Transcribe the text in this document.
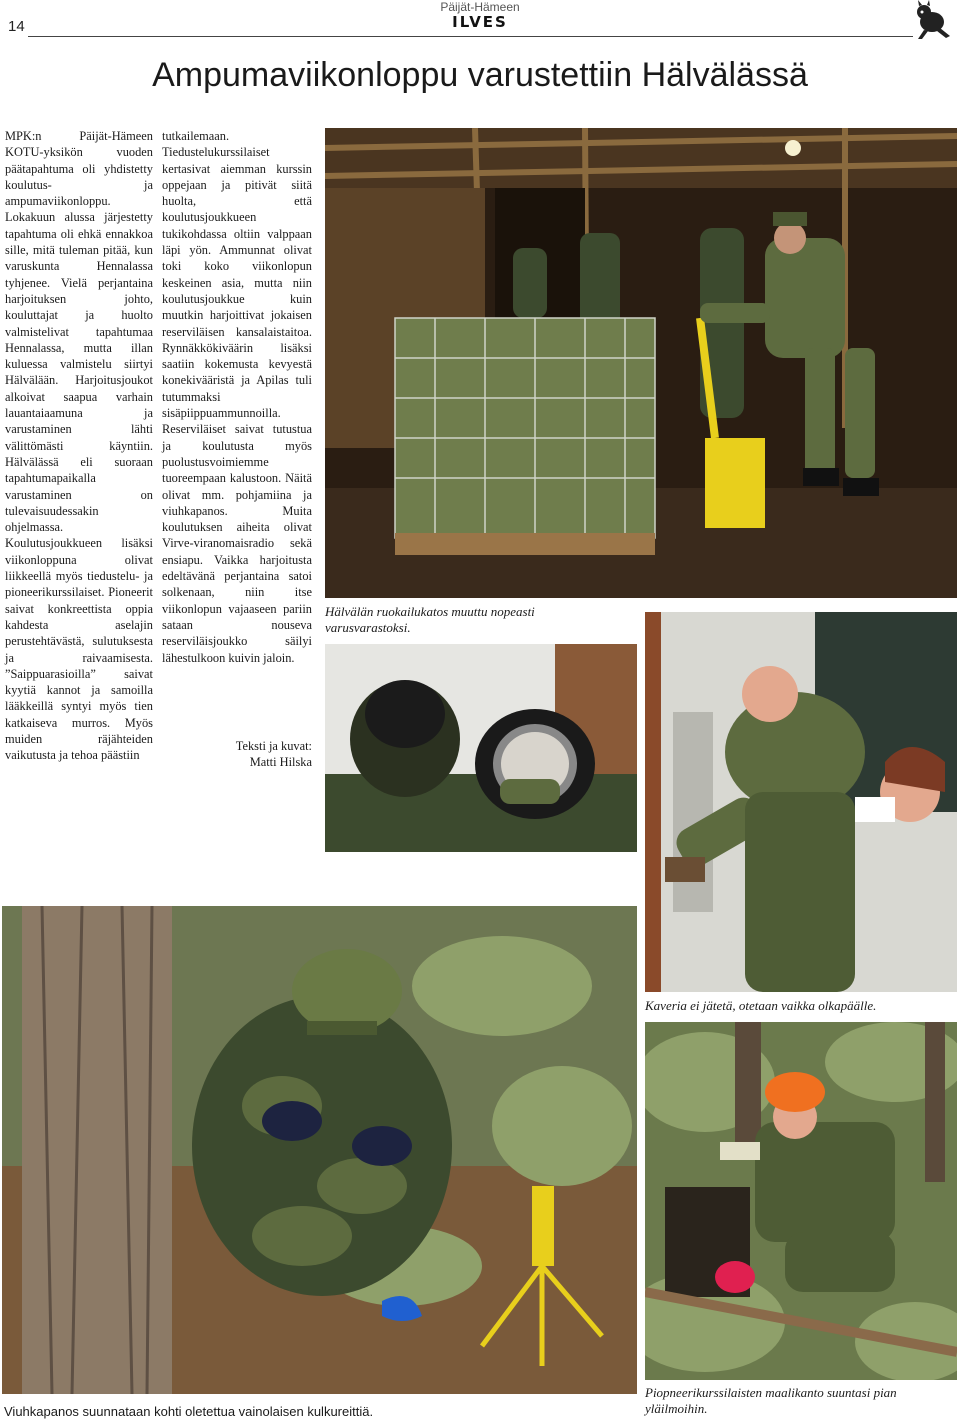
14
Päijät-Hämeen
ILVES
Ampumaviikonloppu varustettiin Hälvälässä
MPK:n Päijät-Hämeen KOTU-yksikön vuoden päätapahtuma oli yhdistetty koulutus- ja ampumaviikonloppu. Lokakuun alussa järjestetty tapahtuma oli ehkä ennakkoa sille, mitä tuleman pitää, kun varuskunta Hennalassa tyhjenee. Vielä perjantaina harjoituksen johto, kouluttajat ja huolto valmistelivat tapahtumaa Hennalassa, mutta illan kuluessa valmistelu siirtyi Hälvälään. Harjoitusjoukot alkoivat saapua varhain lauantaiaamuna ja varustaminen lähti välittömästi käyntiin. Hälvälässä eli suoraan tapahtumapaikalla varustaminen on tulevaisuudessakin ohjelmassa. Koulutusjoukkueen lisäksi viikonloppuna olivat liikkeellä myös tiedustelu- ja pioneerikurssilaiset. Pioneerit saivat konkreettista oppia kahdesta aselajin perustehtävästä, sulutuksesta ja raivaamisesta. ”Saippuarasioilla” saivat kyytiä kannot ja samoilla lääkkeillä syntyi myös tien katkaiseva murros. Myös muiden räjähteiden vaikutusta ja tehoa päästiin
tutkailemaan. Tiedustelukurssilaiset kertasivat aiemman kurssin oppejaan ja pitivät siitä huolta, että koulutusjoukkueen tukikohdassa oltiin valppaan läpi yön. Ammunnat olivat toki koko viikonlopun keskeinen asia, mutta niin koulutusjoukkue kuin muutkin harjoittivat jokaisen reserviläisen kansalaistaitoa. Rynnäkkökiväärin lisäksi saatiin kokemusta kevyestä konekivääristä ja Apilas tuli tutummaksi sisäpiippuammunnoilla. Reserviläiset saivat tutustua ja koulutusta myös puolustusvoimiemme tuoreempaan kalustoon. Näitä olivat mm. pohjamiina ja viuhkapanos. Muita koulutuksen aiheita olivat Virve-viranomaisradio sekä ensiapu. Vaikka harjoitusta edeltävänä perjantaina satoi solkenaan, niin itse viikonlopun vajaaseen pariin sataan nouseva reserviläisjoukko säilyi lähestulkoon kuivin jaloin.
Teksti ja kuvat:
Matti Hilska
Hälvälän ruokailukatos muuttu nopeasti varusvarastoksi.
Kaveria ei jätetä, otetaan vaikka olkapäälle.
Viuhkapanos suunnataan kohti oletettua vainolaisen kulkureittiä.
Piopneerikurssilaisten maalikanto suuntasi pian yläilmoihin.
